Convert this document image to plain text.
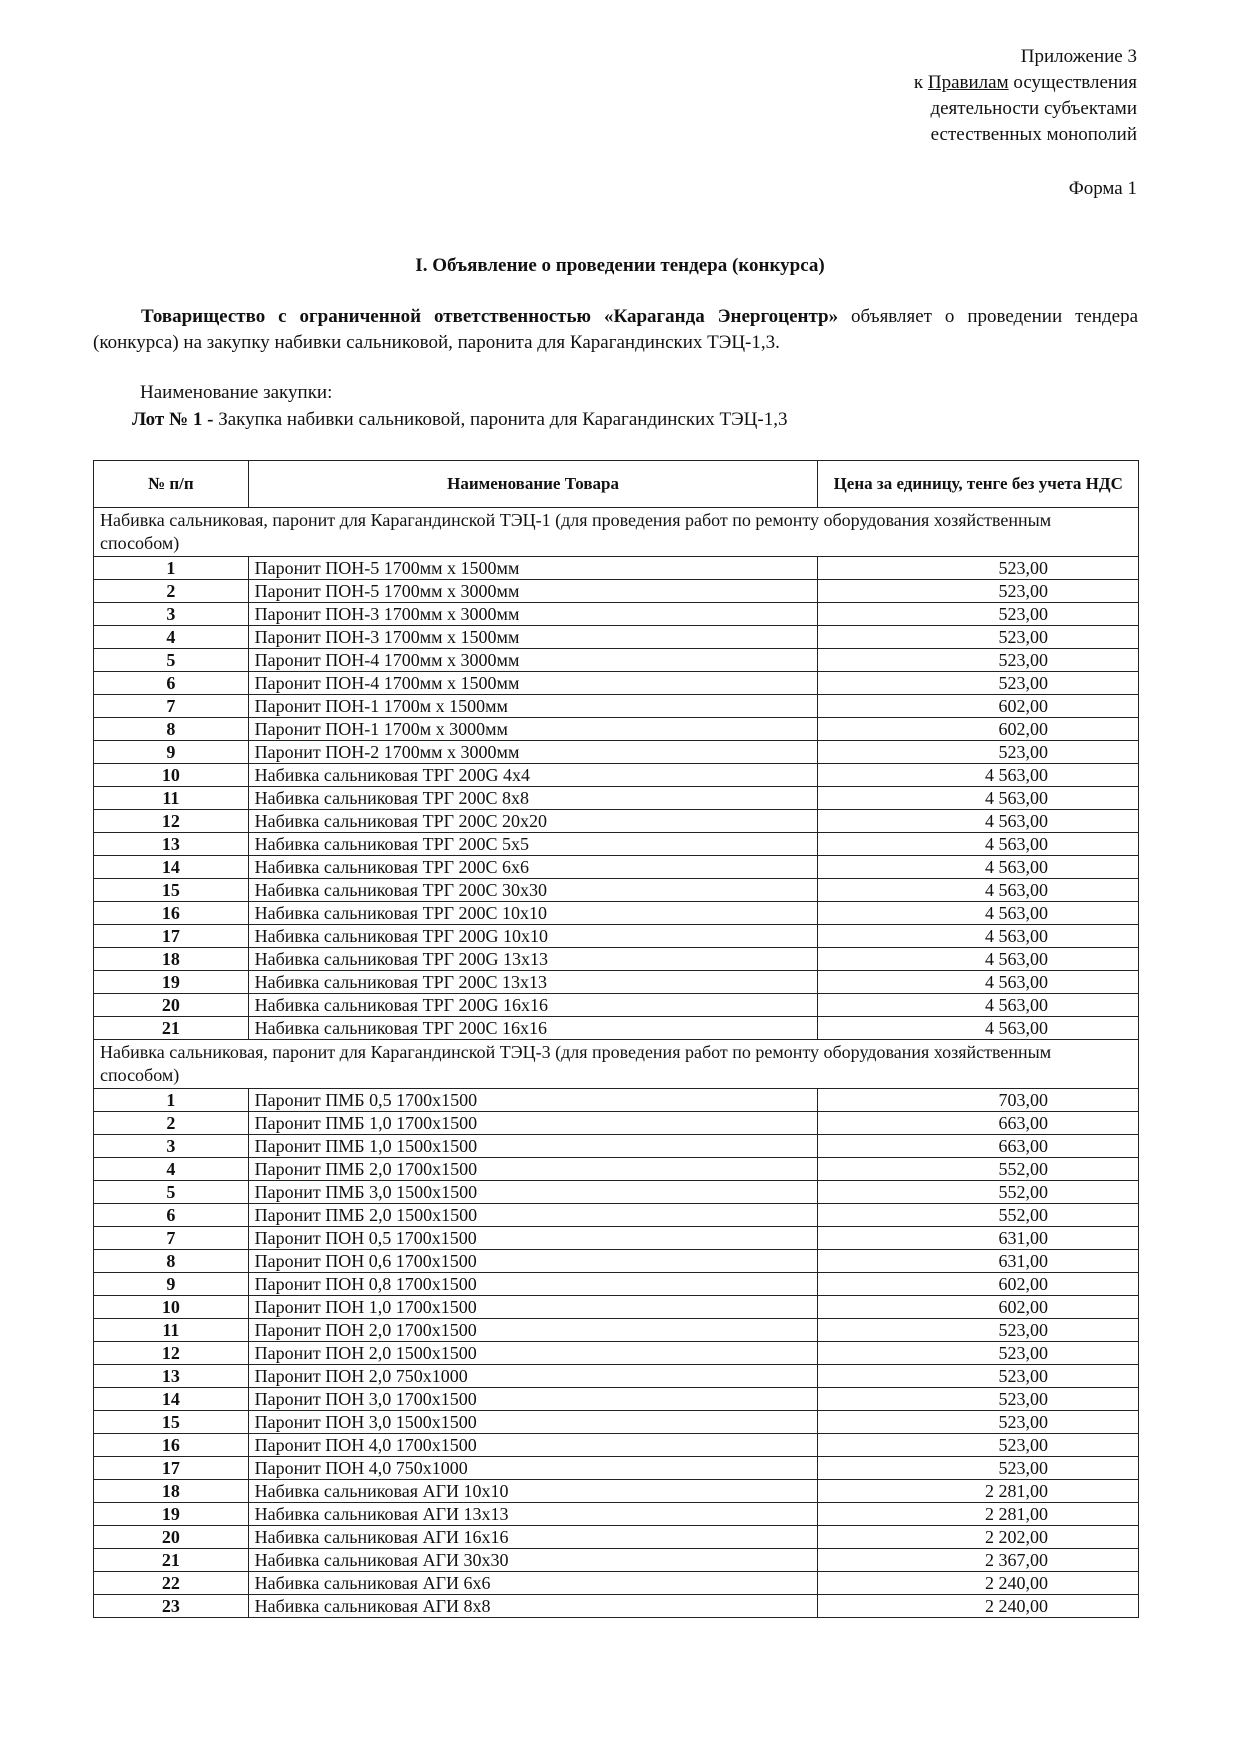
Приложение 3
к Правилам осуществления
деятельности субъектами
естественных монополий
Форма 1
I. Объявление о проведении тендера (конкурса)
Товарищество с ограниченной ответственностью «Караганда Энергоцентр» объявляет о проведении тендера (конкурса) на закупку набивки сальниковой, паронита для Карагандинских ТЭЦ-1,3.
Наименование закупки:
Лот № 1 - Закупка набивки сальниковой, паронита для Карагандинских ТЭЦ-1,3
№ п/п	Наименование Товара	Цена за единицу, тенге без учета НДС
Набивка сальниковая, паронит для Карагандинской ТЭЦ-1 (для проведения работ по ремонту оборудования хозяйственным способом)		
1	Паронит ПОН-5 1700мм х 1500мм	523,00
2	Паронит ПОН-5 1700мм х 3000мм	523,00
3	Паронит ПОН-3 1700мм х 3000мм	523,00
4	Паронит ПОН-3 1700мм х 1500мм	523,00
5	Паронит ПОН-4 1700мм х 3000мм	523,00
6	Паронит ПОН-4 1700мм х 1500мм	523,00
7	Паронит ПОН-1 1700м х 1500мм	602,00
8	Паронит ПОН-1 1700м х 3000мм	602,00
9	Паронит ПОН-2 1700мм х 3000мм	523,00
10	Набивка сальниковая ТРГ 200G 4x4	4 563,00
11	Набивка сальниковая ТРГ 200С 8x8	4 563,00
12	Набивка сальниковая ТРГ 200С 20x20	4 563,00
13	Набивка сальниковая ТРГ 200С 5x5	4 563,00
14	Набивка сальниковая ТРГ 200С 6x6	4 563,00
15	Набивка сальниковая ТРГ 200С 30x30	4 563,00
16	Набивка сальниковая ТРГ 200С 10x10	4 563,00
17	Набивка сальниковая ТРГ 200G 10x10	4 563,00
18	Набивка сальниковая ТРГ 200G 13x13	4 563,00
19	Набивка сальниковая ТРГ 200С 13x13	4 563,00
20	Набивка сальниковая ТРГ 200G 16x16	4 563,00
21	Набивка сальниковая ТРГ 200С 16x16	4 563,00
Набивка сальниковая, паронит для Карагандинской ТЭЦ-3 (для проведения работ по ремонту оборудования хозяйственным способом)		
1	Паронит ПМБ 0,5 1700x1500	703,00
2	Паронит ПМБ 1,0 1700x1500	663,00
3	Паронит ПМБ 1,0 1500x1500	663,00
4	Паронит ПМБ 2,0 1700x1500	552,00
5	Паронит ПМБ 3,0 1500x1500	552,00
6	Паронит ПМБ 2,0 1500x1500	552,00
7	Паронит ПОН 0,5 1700x1500	631,00
8	Паронит ПОН 0,6 1700x1500	631,00
9	Паронит ПОН 0,8 1700x1500	602,00
10	Паронит ПОН 1,0 1700x1500	602,00
11	Паронит ПОН 2,0 1700x1500	523,00
12	Паронит ПОН 2,0 1500x1500	523,00
13	Паронит ПОН 2,0 750x1000	523,00
14	Паронит ПОН 3,0 1700x1500	523,00
15	Паронит ПОН 3,0 1500x1500	523,00
16	Паронит ПОН 4,0 1700x1500	523,00
17	Паронит ПОН 4,0 750x1000	523,00
18	Набивка сальниковая АГИ 10x10	2 281,00
19	Набивка сальниковая АГИ 13x13	2 281,00
20	Набивка сальниковая АГИ 16x16	2 202,00
21	Набивка сальниковая АГИ 30x30	2 367,00
22	Набивка сальниковая АГИ 6x6	2 240,00
23	Набивка сальниковая АГИ 8x8	2 240,00
